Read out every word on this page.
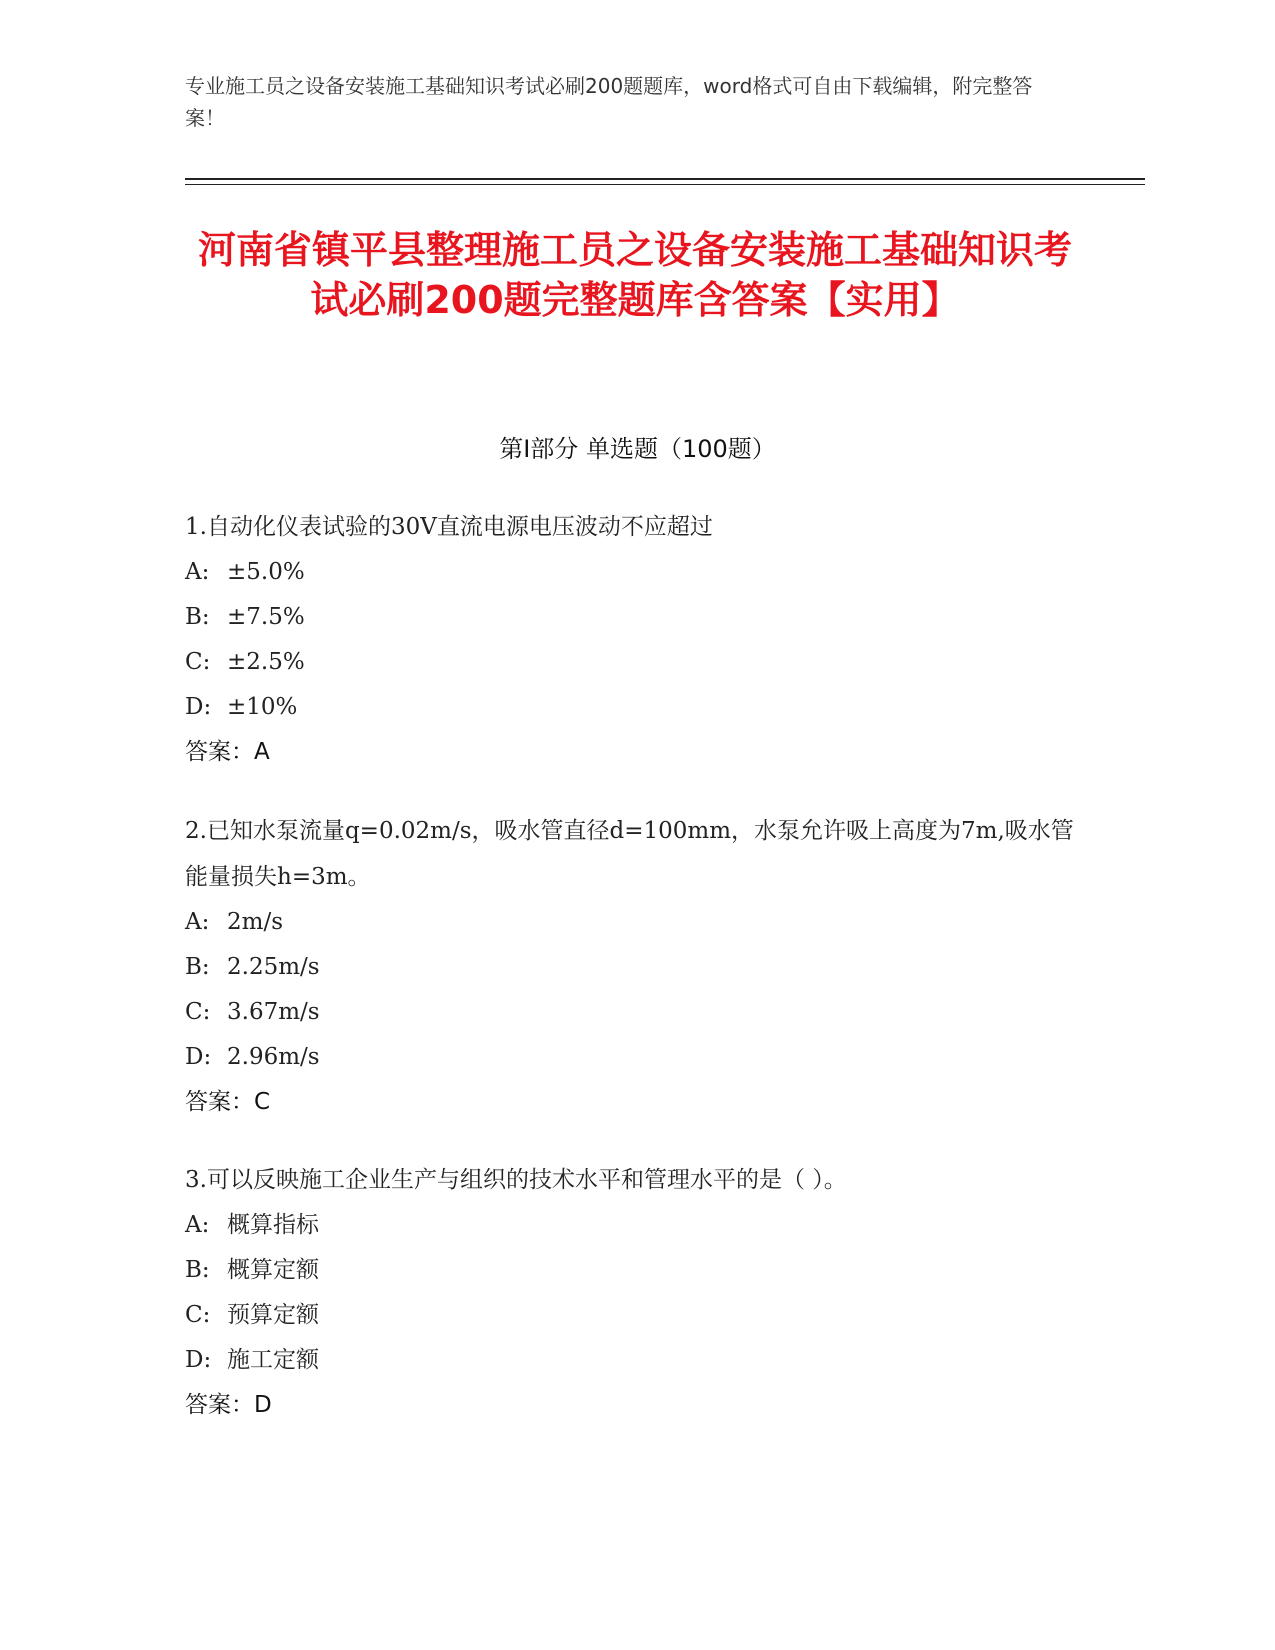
专业施工员之设备安装施工基础知识考试必刷200题题库，word格式可自由下载编辑，附完整答案！
河南省镇平县整理施工员之设备安装施工基础知识考试必刷200题完整题库含答案【实用】
第I部分 单选题（100题）

1.自动化仪表试验的30V直流电源电压波动不应超过

A: ±5.0%

B: ±7.5%

C: ±2.5%

D: ±10%

答案：A

2.已知水泵流量q=0.02m/s，吸水管直径d=100mm，水泵允许吸上高度为7m,吸水管能量损失h=3m。

A: 2m/s

B: 2.25m/s

C: 3.67m/s

D: 2.96m/s

答案：C

3.可以反映施工企业生产与组织的技术水平和管理水平的是（ ）。

A: 概算指标

B: 概算定额

C: 预算定额

D: 施工定额

答案：D
